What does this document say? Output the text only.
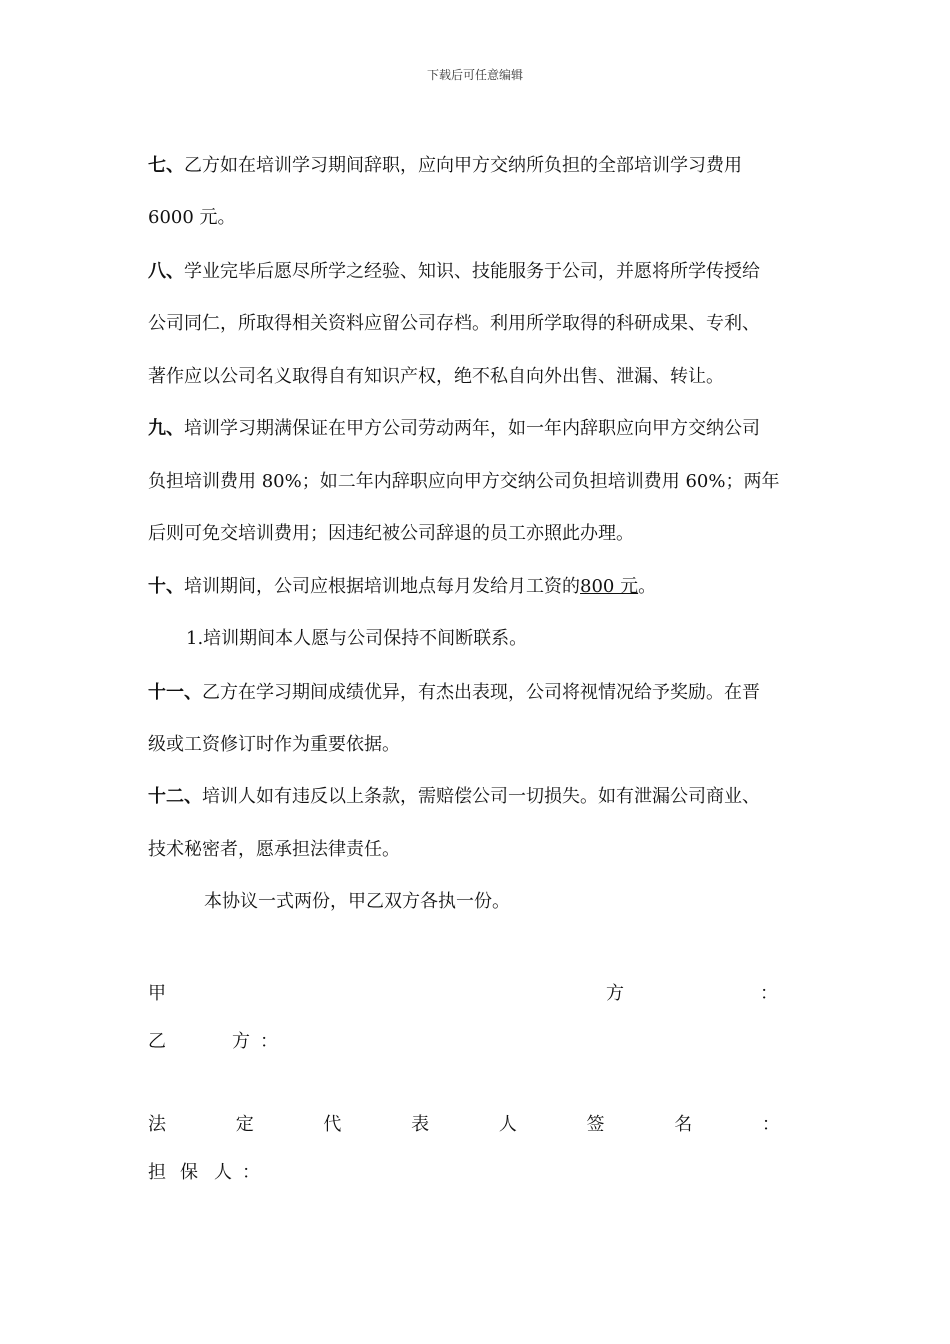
下载后可任意编辑
七、乙方如在培训学习期间辞职，应向甲方交纳所负担的全部培训学习费用
6000 元。
八、学业完毕后愿尽所学之经验、知识、技能服务于公司，并愿将所学传授给
公司同仁，所取得相关资料应留公司存档。利用所学取得的科研成果、专利、
著作应以公司名义取得自有知识产权，绝不私自向外出售、泄漏、转让。
九、培训学习期满保证在甲方公司劳动两年，如一年内辞职应向甲方交纳公司
负担培训费用 80%；如二年内辞职应向甲方交纳公司负担培训费用 60%；两年
后则可免交培训费用；因违纪被公司辞退的员工亦照此办理。
十、培训期间，公司应根据培训地点每月发给月工资的800 元。
1.培训期间本人愿与公司保持不间断联系。
十一、乙方在学习期间成绩优异，有杰出表现，公司将视情况给予奖励。在晋
级或工资修订时作为重要依据。
十二、培训人如有违反以上条款，需赔偿公司一切损失。如有泄漏公司商业、
技术秘密者，愿承担法律责任。
本协议一式两份，甲乙双方各执一份。
甲	方	：
乙	方 ：
法	定	代	表	人	签	名	：
担 保 人 ：
